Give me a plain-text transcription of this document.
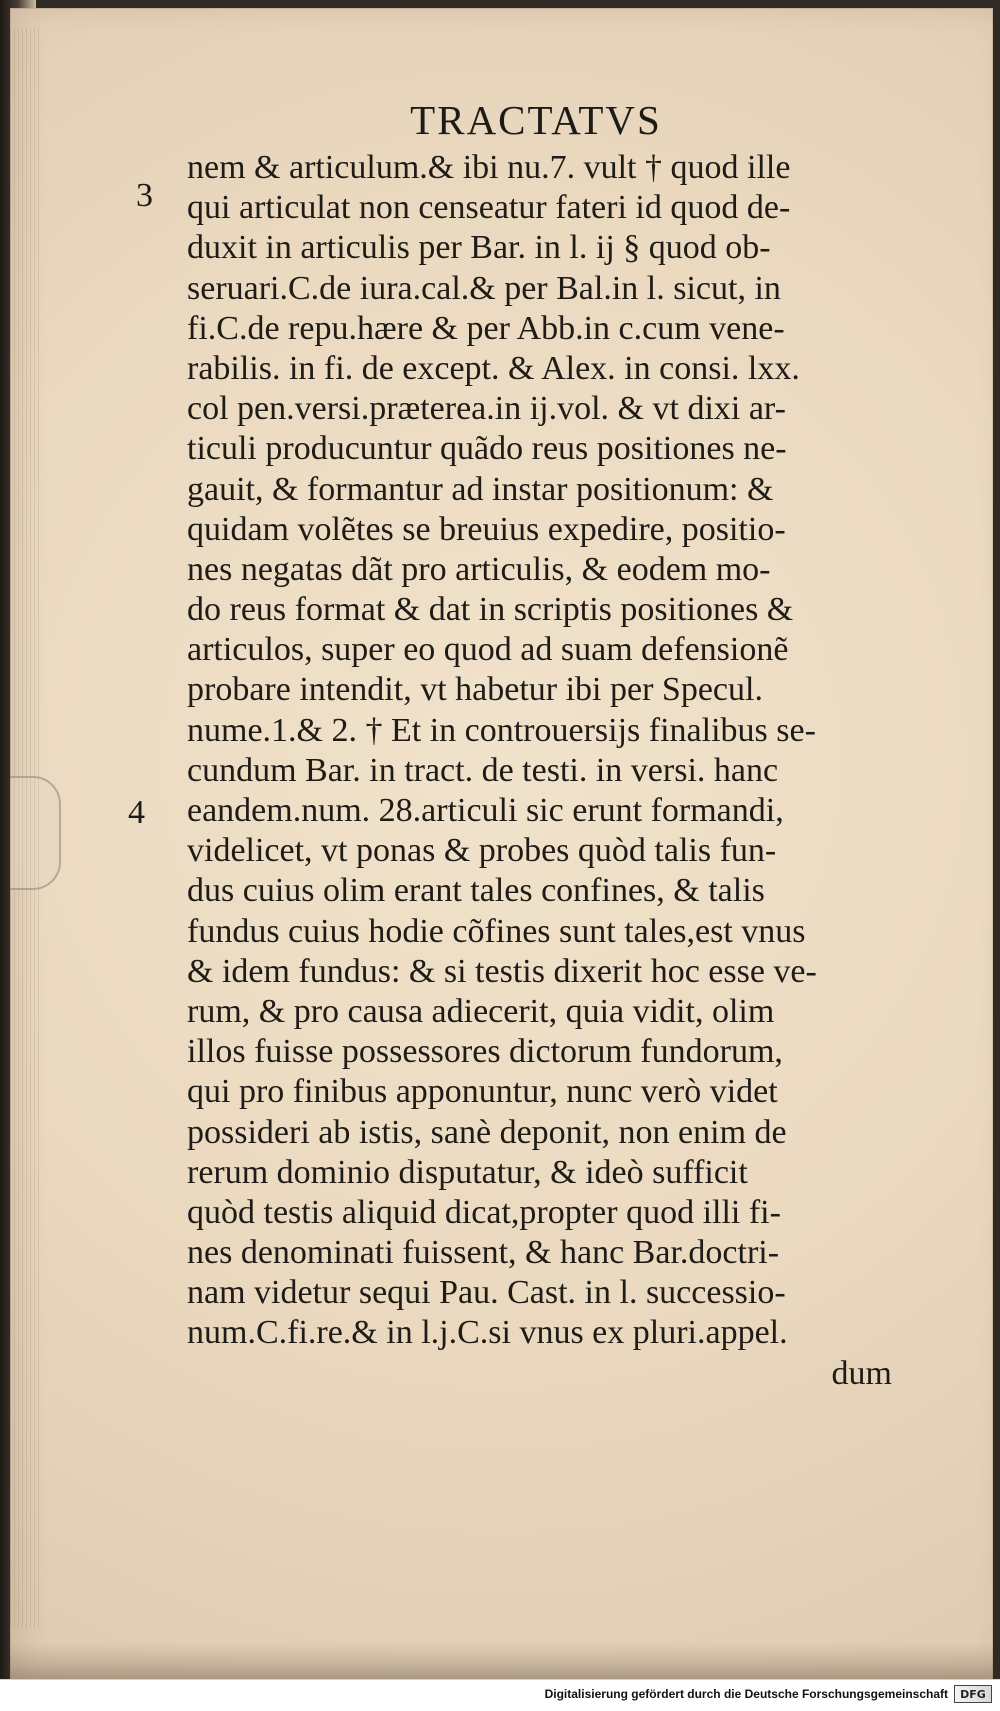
TRACTATVS
3
4
nem & articulum.& ibi nu.7. vult † quod ille
qui articulat non censeatur fateri id quod de-
duxit in articulis per Bar. in l. ij § quod ob-
seruari.C.de iura.cal.& per Bal.in l. sicut, in
fi.C.de repu.hære & per Abb.in c.cum vene-
rabilis. in fi. de except. & Alex. in consi. lxx.
col pen.versi.præterea.in ij.vol. & vt dixi ar-
ticuli producuntur quãdo reus positiones ne-
gauit, & formantur ad instar positionum: &
quidam volẽtes se breuius expedire, positio-
nes negatas dãt pro articulis, & eodem mo-
do reus format & dat in scriptis positiones &
articulos, super eo quod ad suam defensionẽ
probare intendit, vt habetur ibi per Specul.
nume.1.& 2. † Et in controuersijs finalibus se-
cundum Bar. in tract. de testi. in versi. hanc
eandem.num. 28.articuli sic erunt formandi,
videlicet, vt ponas & probes quòd talis fun-
dus cuius olim erant tales confines, & talis
fundus cuius hodie cõfines sunt tales,est vnus
& idem fundus: & si testis dixerit hoc esse ve-
rum, & pro causa adiecerit, quia vidit, olim
illos fuisse possessores dictorum fundorum,
qui pro finibus apponuntur, nunc verò videt
possideri ab istis, sanè deponit, non enim de
rerum dominio disputatur, & ideò sufficit
quòd testis aliquid dicat,propter quod illi fi-
nes denominati fuissent, & hanc Bar.doctri-
nam videtur sequi Pau. Cast. in l. successio-
num.C.fi.re.& in l.j.C.si vnus ex pluri.appel.
dum
Digitalisierung gefördert durch die Deutsche Forschungsgemeinschaft	DFG
